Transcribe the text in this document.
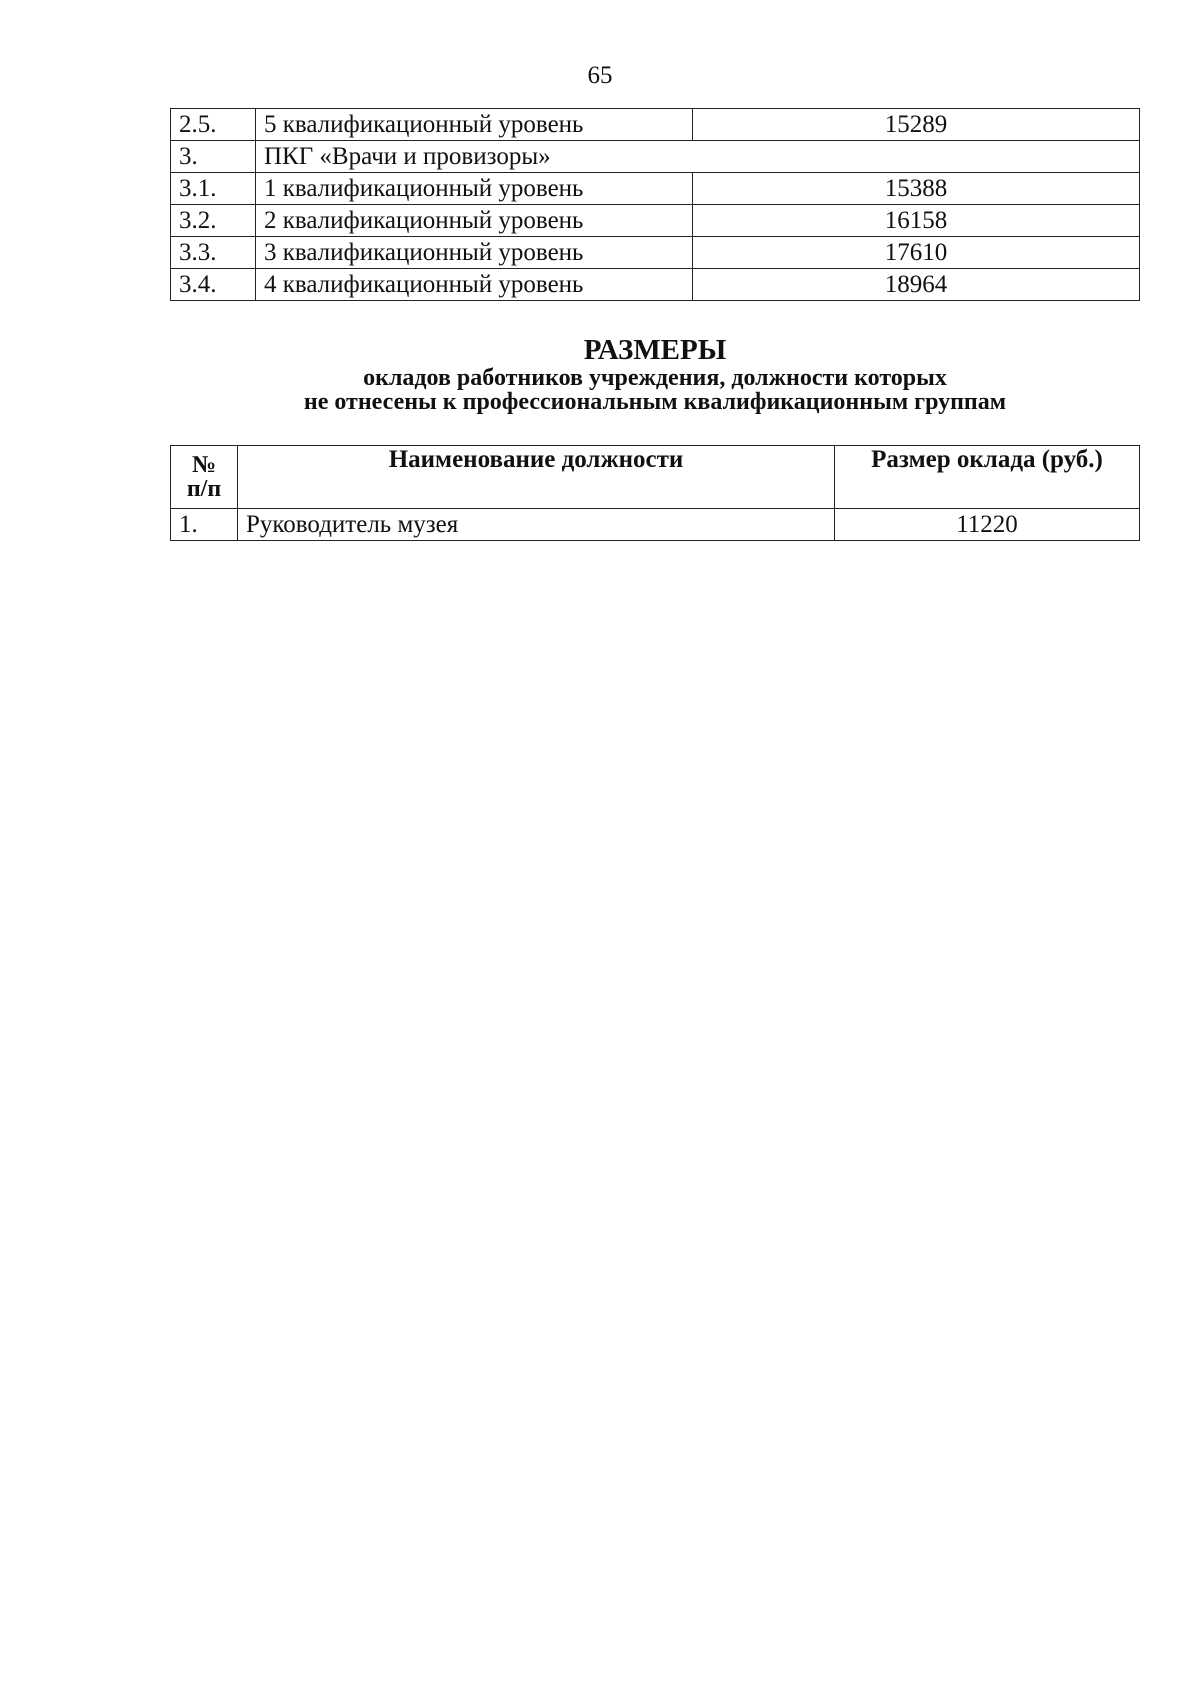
65
2.5.	5 квалификационный уровень	15289
3.	ПКГ «Врачи и провизоры»	
3.1.	1 квалификационный уровень	15388
3.2.	2 квалификационный уровень	16158
3.3.	3 квалификационный уровень	17610
3.4.	4 квалификационный уровень	18964
РАЗМЕРЫ
окладов работников учреждения, должности которых
не отнесены к профессиональным квалификационным группам
№
п/п	Наименование должности	Размер оклада (руб.)
1.	Руководитель музея	11220
